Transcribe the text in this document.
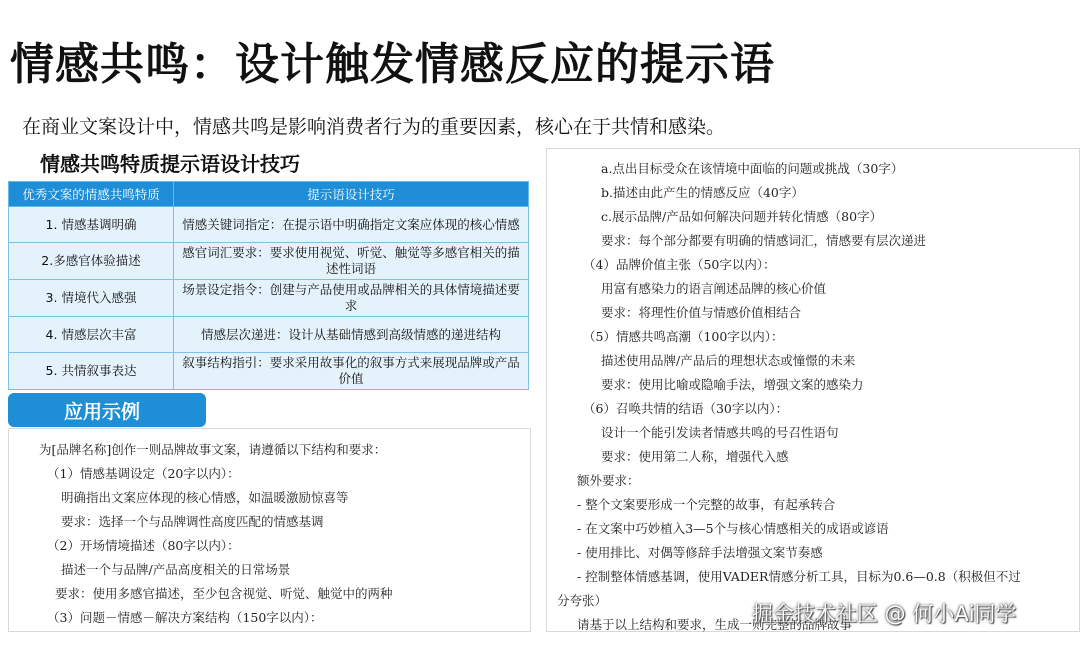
情感共鸣：设计触发情感反应的提示语
在商业文案设计中，情感共鸣是影响消费者行为的重要因素，核心在于共情和感染。
情感共鸣特质提示语设计技巧
优秀文案的情感共鸣特质	提示语设计技巧
1. 情感基调明确	情感关键词指定：在提示语中明确指定文案应体现的核心情感
2.多感官体验描述	感官词汇要求：要求使用视觉、听觉、触觉等多感官相关的描述性词语
3. 情境代入感强	场景设定指令：创建与产品使用或品牌相关的具体情境描述要求
4. 情感层次丰富	情感层次递进：设计从基础情感到高级情感的递进结构
5. 共情叙事表达	叙事结构指引：要求采用故事化的叙事方式来展现品牌或产品价值
应用示例
为[品牌名称]创作一则品牌故事文案，请遵循以下结构和要求：
（1）情感基调设定（20字以内）：
明确指出文案应体现的核心情感，如温暖激励惊喜等
要求：选择一个与品牌调性高度匹配的情感基调
（2）开场情境描述（80字以内）：
描述一个与品牌/产品高度相关的日常场景
要求：使用多感官描述，至少包含视觉、听觉、触觉中的两种
（3）问题－情感－解决方案结构（150字以内）：
a.点出目标受众在该情境中面临的问题或挑战（30字）
b.描述由此产生的情感反应（40字）
c.展示品牌/产品如何解决问题并转化情感（80字）
要求：每个部分都要有明确的情感词汇，情感要有层次递进
（4）品牌价值主张（50字以内）：
用富有感染力的语言阐述品牌的核心价值
要求：将理性价值与情感价值相结合
（5）情感共鸣高潮（100字以内）：
描述使用品牌/产品后的理想状态或憧憬的未来
要求：使用比喻或隐喻手法，增强文案的感染力
（6）召唤共情的结语（30字以内）：
设计一个能引发读者情感共鸣的号召性语句
要求：使用第二人称，增强代入感
额外要求：
- 整个文案要形成一个完整的故事，有起承转合
- 在文案中巧妙植入3—5个与核心情感相关的成语或谚语
- 使用排比、对偶等修辞手法增强文案节奏感
- 控制整体情感基调，使用VADER情感分析工具，目标为0.6—0.8（积极但不过
分夸张）
请基于以上结构和要求，生成一则完整的品牌故事
掘金技术社区 @ 何小Ai同学
